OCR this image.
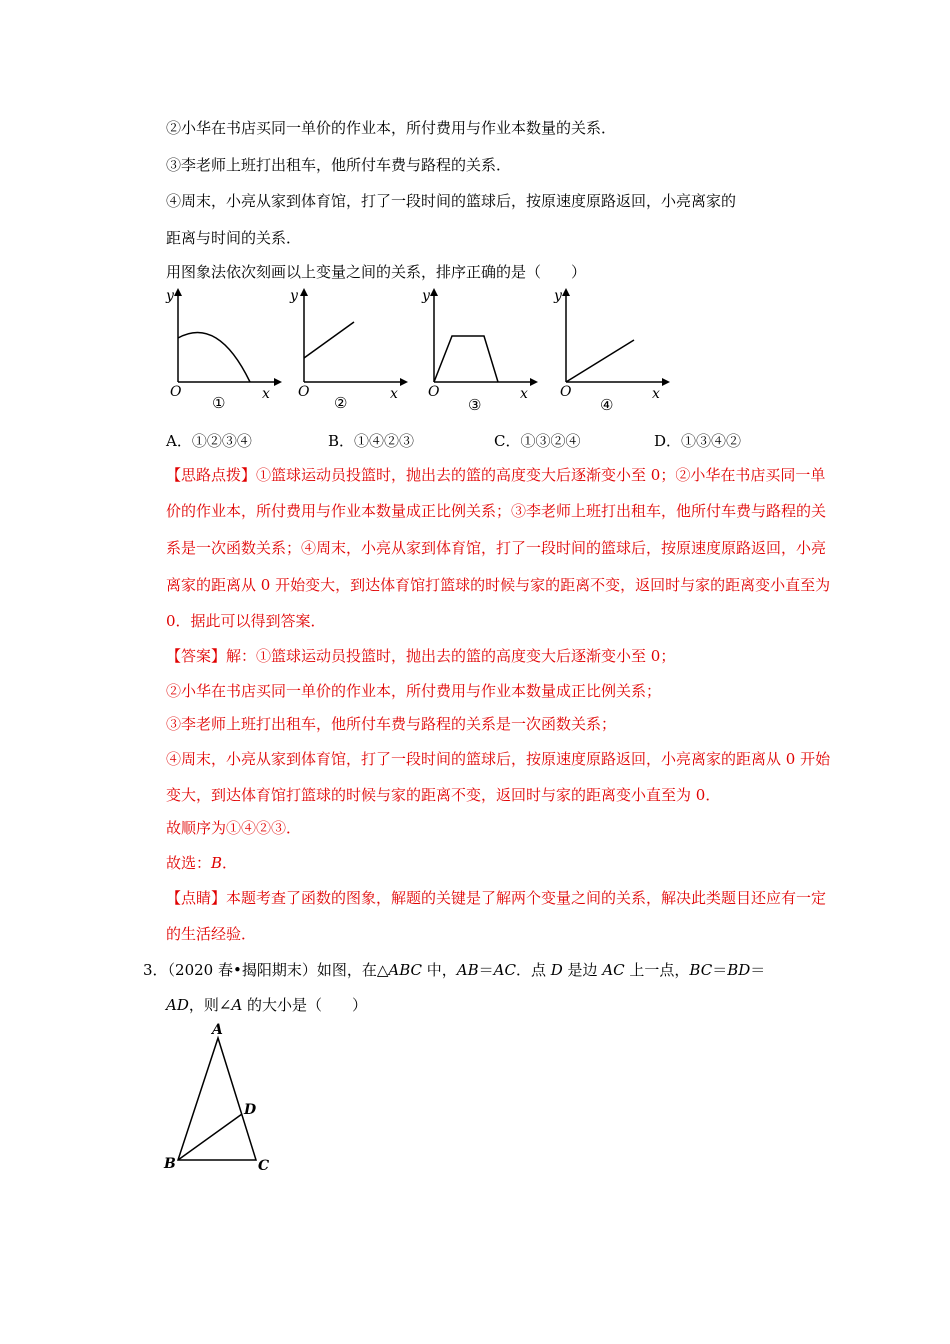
②小华在书店买同一单价的作业本，所付费用与作业本数量的关系．
③李老师上班打出租车，他所付车费与路程的关系．
④周末，小亮从家到体育馆，打了一段时间的篮球后，按原速度原路返回，小亮离家的
距离与时间的关系．
用图象法依次刻画以上变量之间的关系，排序正确的是（　　）
y
x
O
①
y
x
O
②
y
x
O
③
y
x
O
④
A．①②③④	B．①④②③	C．①③②④	D．①③④②
【思路点拨】①篮球运动员投篮时，抛出去的篮的高度变大后逐渐变小至 0；②小华在书店买同一单
价的作业本，所付费用与作业本数量成正比例关系；③李老师上班打出租车，他所付车费与路程的关
系是一次函数关系；④周末，小亮从家到体育馆，打了一段时间的篮球后，按原速度原路返回，小亮
离家的距离从 0 开始变大，到达体育馆打篮球的时候与家的距离不变，返回时与家的距离变小直至为
0．据此可以得到答案．
【答案】解：①篮球运动员投篮时，抛出去的篮的高度变大后逐渐变小至 0；
②小华在书店买同一单价的作业本，所付费用与作业本数量成正比例关系；
③李老师上班打出租车，他所付车费与路程的关系是一次函数关系；
④周末，小亮从家到体育馆，打了一段时间的篮球后，按原速度原路返回，小亮离家的距离从 0 开始
变大，到达体育馆打篮球的时候与家的距离不变，返回时与家的距离变小直至为 0．
故顺序为①④②③．
故选：B．
【点睛】本题考查了函数的图象，解题的关键是了解两个变量之间的关系，解决此类题目还应有一定
的生活经验．
3．（2020 春•揭阳期末）如图，在△ABC 中，AB＝AC．点 D 是边 AC 上一点，BC＝BD＝
AD，则∠A 的大小是（　　）
A
B	C
D
